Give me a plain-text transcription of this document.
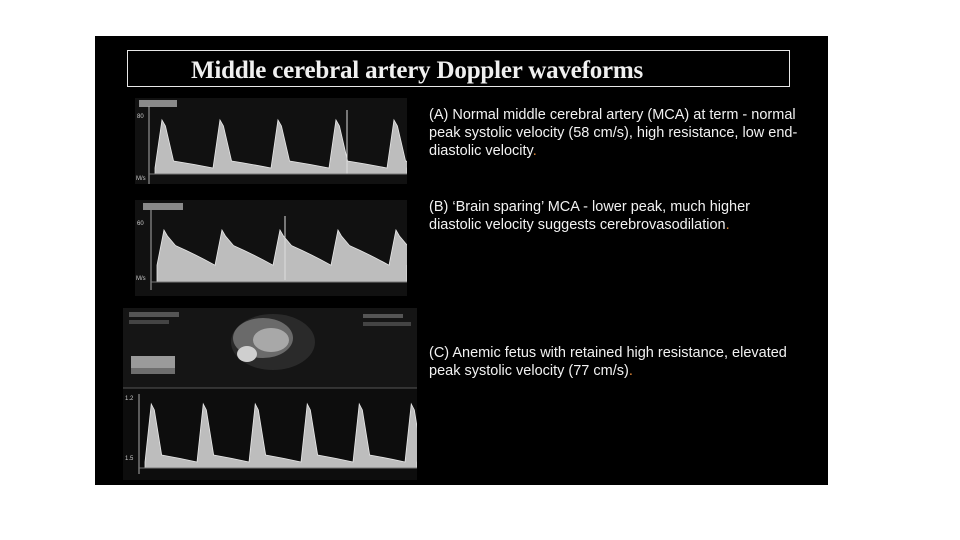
Middle cerebral artery Doppler waveforms
80
M/s
60
M/s
1.2
1.5
(A) Normal middle cerebral artery (MCA) at term - normal peak systolic velocity (58 cm/s), high resistance, low end-diastolic velocity.
(B) ‘Brain sparing’ MCA - lower peak, much higher diastolic velocity suggests cerebrovasodilation.
(C) Anemic fetus with retained high resistance, elevated peak systolic velocity (77 cm/s).
